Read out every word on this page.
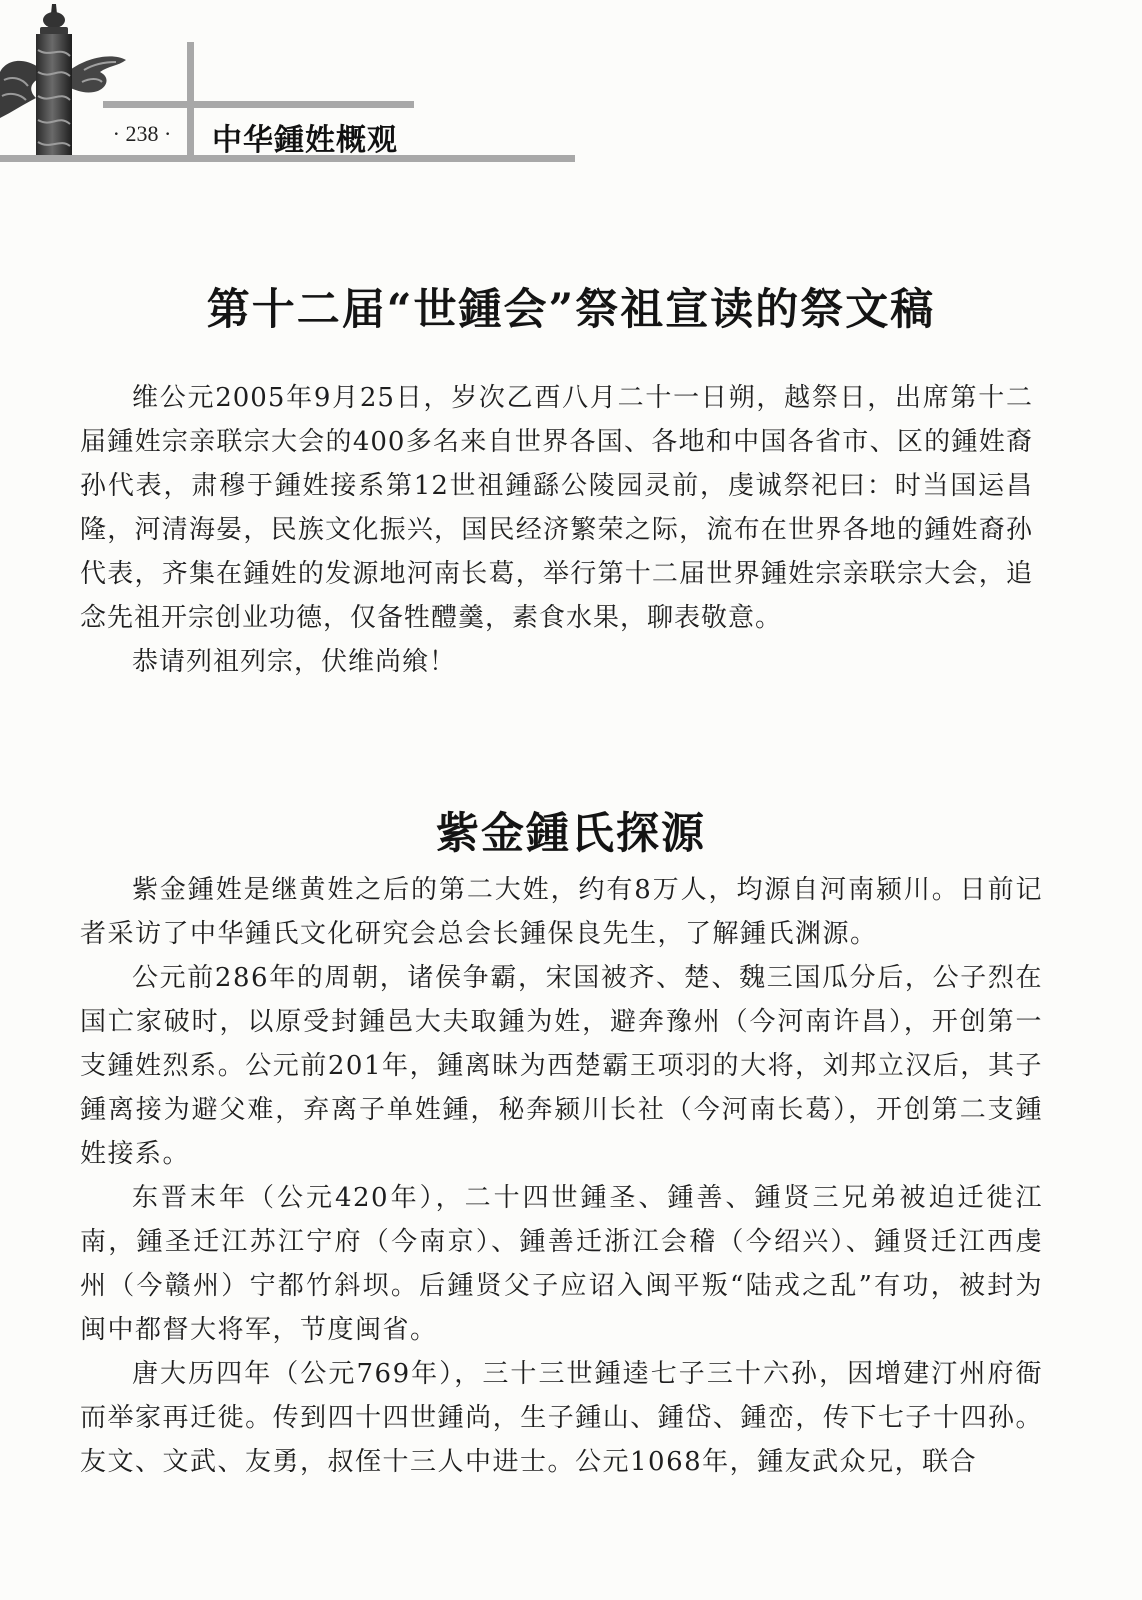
· 238 ·	中华鍾姓概观
第十二届“世鍾会”祭祖宣读的祭文稿

维公元2005年9月25日，岁次乙酉八月二十一日朔，越祭日，出席第十二届鍾姓宗亲联宗大会的400多名来自世界各国、各地和中国各省市、区的鍾姓裔孙代表，肃穆于鍾姓接系第12世祖鍾繇公陵园灵前，虔诚祭祀曰：时当国运昌隆，河清海晏，民族文化振兴，国民经济繁荣之际，流布在世界各地的鍾姓裔孙代表，齐集在鍾姓的发源地河南长葛，举行第十二届世界鍾姓宗亲联宗大会，追念先祖开宗创业功德，仅备牲醴羹，素食水果，聊表敬意。

恭请列祖列宗，伏维尚飨！

紫金鍾氏探源

紫金鍾姓是继黄姓之后的第二大姓，约有8万人，均源自河南颍川。日前记者采访了中华鍾氏文化研究会总会长鍾保良先生，了解鍾氏渊源。

公元前286年的周朝，诸侯争霸，宋国被齐、楚、魏三国瓜分后，公子烈在国亡家破时，以原受封鍾邑大夫取鍾为姓，避奔豫州（今河南许昌），开创第一支鍾姓烈系。公元前201年，鍾离昧为西楚霸王项羽的大将，刘邦立汉后，其子鍾离接为避父难，弃离子单姓鍾，秘奔颍川长社（今河南长葛），开创第二支鍾姓接系。

东晋末年（公元420年），二十四世鍾圣、鍾善、鍾贤三兄弟被迫迁徙江南，鍾圣迁江苏江宁府（今南京）、鍾善迁浙江会稽（今绍兴）、鍾贤迁江西虔州（今赣州）宁都竹斜坝。后鍾贤父子应诏入闽平叛“陆戎之乱”有功，被封为闽中都督大将军，节度闽省。

唐大历四年（公元769年），三十三世鍾逵七子三十六孙，因增建汀州府衙而举家再迁徙。传到四十四世鍾尚，生子鍾山、鍾岱、鍾峦，传下七子十四孙。友文、文武、友勇，叔侄十三人中进士。公元1068年，鍾友武众兄，联合
